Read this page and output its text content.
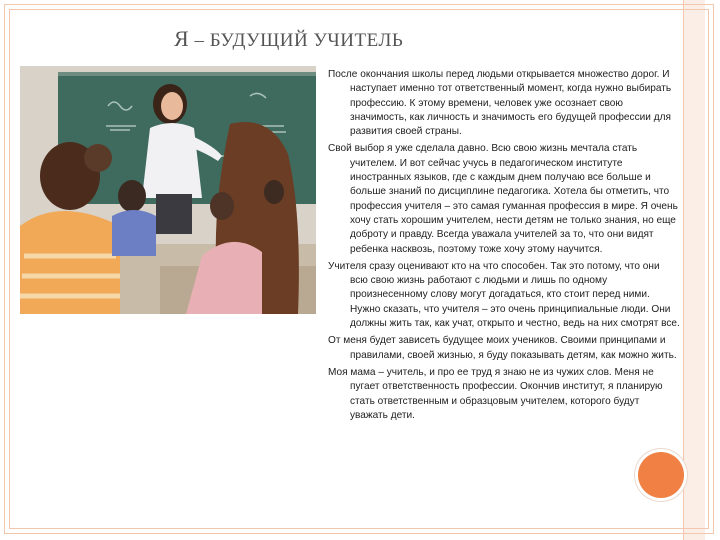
Я – БУДУЩИЙ УЧИТЕЛЬ

После окончания школы перед людьми открывается множество дорог. И наступает именно тот ответственный момент, когда нужно выбирать профессию. К этому времени, человек уже осознает свою значимость, как личность и значимость его будущей профессии для развития своей страны.

Свой выбор я уже сделала давно. Всю свою жизнь мечтала стать учителем. И вот сейчас учусь в педагогическом институте иностранных языков, где с каждым днем получаю все больше и больше знаний по дисциплине педагогика. Хотела бы отметить, что профессия учителя – это самая гуманная профессия в мире. Я очень хочу стать хорошим учителем, нести детям не только знания, но еще доброту и правду. Всегда уважала учителей за то, что они видят ребенка насквозь, поэтому тоже хочу этому научится.

Учителя сразу оценивают кто на что способен. Так это потому, что они всю свою жизнь работают с людьми и лишь по одному произнесенному слову могут догадаться, кто стоит перед ними. Нужно сказать, что учителя – это очень принципиальные люди. Они должны жить так, как учат, открыто и честно, ведь на них смотрят все.

От меня будет зависеть будущее моих учеников. Своими принципами и правилами, своей жизнью, я буду показывать детям, как можно жить.

Моя мама – учитель, и про ее труд я знаю не из чужих слов. Меня не пугает ответственность профессии. Окончив институт, я планирую стать ответственным и образцовым учителем, которого будут уважать дети.
